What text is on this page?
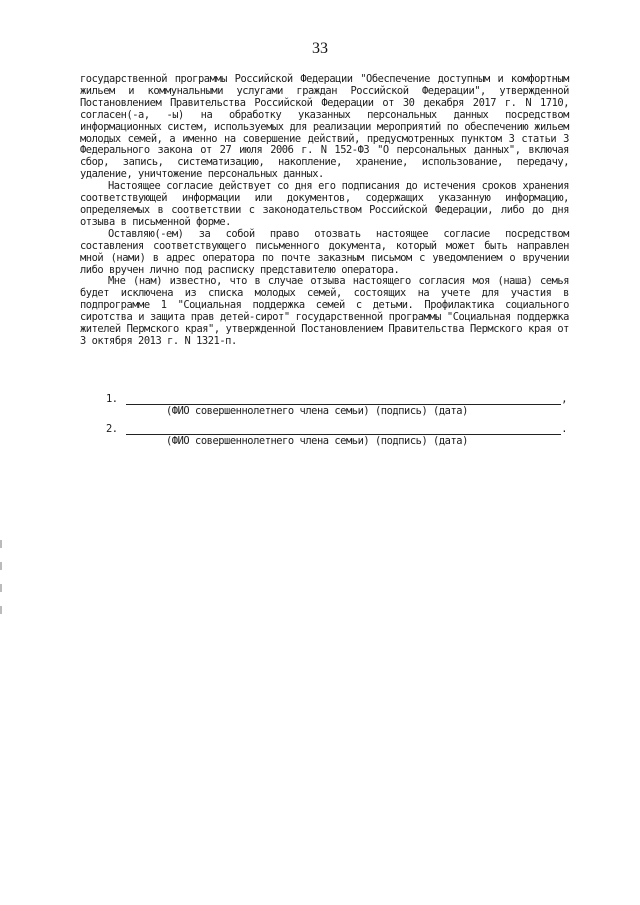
33

государственной программы Российской Федерации "Обеспечение доступным и комфортным жильем и коммунальными услугами граждан Российской Федерации", утвержденной Постановлением Правительства Российской Федерации от 30 декабря 2017 г. N 1710, согласен(-а, -ы) на обработку указанных персональных данных посредством информационных систем, используемых для реализации мероприятий по обеспечению жильем молодых семей, а именно на совершение действий, предусмотренных пунктом 3 статьи 3 Федерального закона от 27 июля 2006 г. N 152-ФЗ "О персональных данных", включая сбор, запись, систематизацию, накопление, хранение, использование, передачу, удаление, уничтожение персональных данных.

Настоящее согласие действует со дня его подписания до истечения сроков хранения соответствующей информации или документов, содержащих указанную информацию, определяемых в соответствии с законодательством Российской Федерации, либо до дня отзыва в письменной форме.

Оставляю(-ем) за собой право отозвать настоящее согласие посредством составления соответствующего письменного документа, который может быть направлен мной (нами) в адрес оператора по почте заказным письмом с уведомлением о вручении либо вручен лично под расписку представителю оператора.

Мне (нам) известно, что в случае отзыва настоящего согласия моя (наша) семья будет исключена из списка молодых семей, состоящих на учете для участия в подпрограмме 1 "Социальная поддержка семей с детьми. Профилактика социального сиротства и защита прав детей-сирот" государственной программы "Социальная поддержка жителей Пермского края", утвержденной Постановлением Правительства Пермского края от 3 октября 2013 г. N 1321-п.

1.	,
(ФИО совершеннолетнего члена семьи) (подпись) (дата)
2.	.
(ФИО совершеннолетнего члена семьи) (подпись) (дата)
